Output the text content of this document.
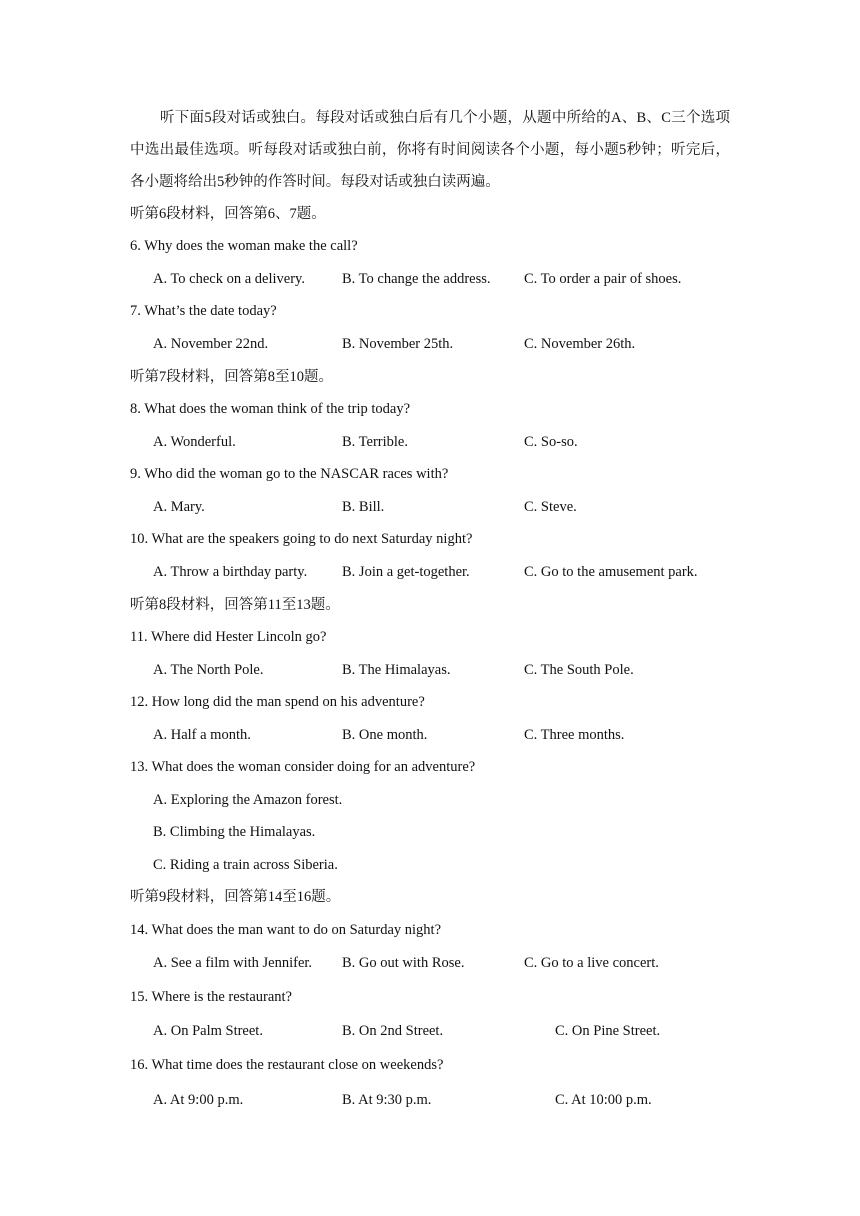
听下面5段对话或独白。每段对话或独白后有几个小题，从题中所给的A、B、C三个选项中选出最佳选项。听每段对话或独白前，你将有时间阅读各个小题，每小题5秒钟；听完后，各小题将给出5秒钟的作答时间。每段对话或独白读两遍。
听第6段材料，回答第6、7题。
6. Why does the woman make the call?
A. To check on a delivery.	B. To change the address. C. To order a pair of shoes.
7. What’s the date today?
A. November 22nd.	B. November 25th.	C. November 26th.
听第7段材料，回答第8至10题。
8. What does the woman think of the trip today?
A. Wonderful.	B. Terrible.	C. So-so.
9. Who did the woman go to the NASCAR races with?
A. Mary.	B. Bill.	C. Steve.
10. What are the speakers going to do next Saturday night?
A. Throw a birthday party. B. Join a get-together.	C. Go to the amusement park.
听第8段材料，回答第11至13题。
11. Where did Hester Lincoln go?
A. The North Pole.	B. The Himalayas.	C. The South Pole.
12. How long did the man spend on his adventure?
A. Half a month.	B. One month.	C. Three months.
13. What does the woman consider doing for an adventure?
A. Exploring the Amazon forest.
B. Climbing the Himalayas.
C. Riding a train across Siberia.
听第9段材料，回答第14至16题。
14. What does the man want to do on Saturday night?
A. See a film with Jennifer. B. Go out with Rose.	C. Go to a live concert.
15. Where is the restaurant?
A. On Palm Street.	B. On 2nd Street.	C. On Pine Street.
16. What time does the restaurant close on weekends?
A. At 9:00 p.m.	B. At 9:30 p.m.	C. At 10:00 p.m.
